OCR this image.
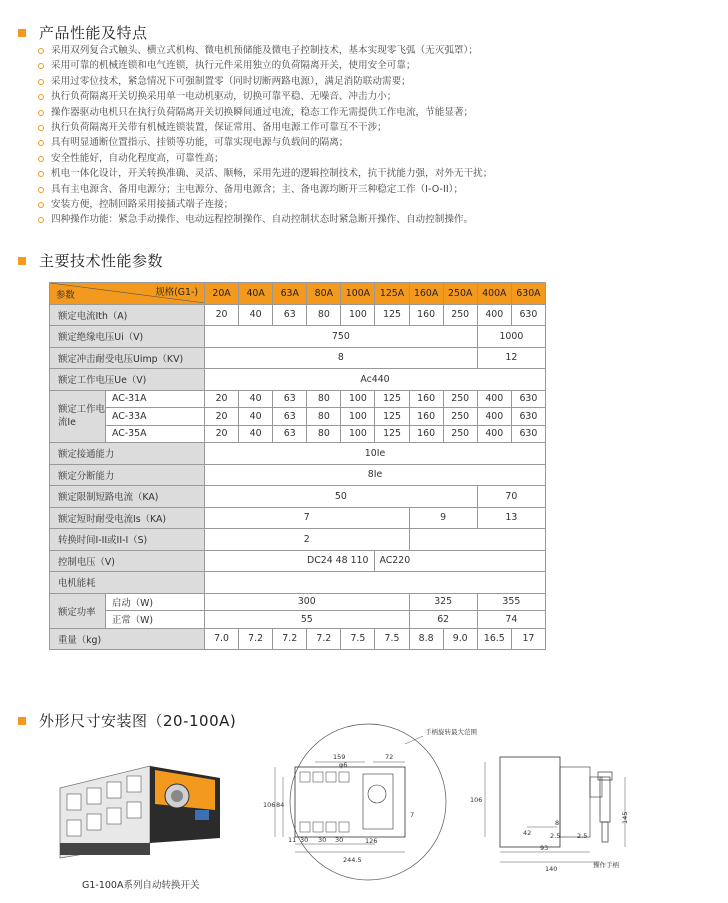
产品性能及特点
采用双列复合式触头、横立式机构、微电机预储能及微电子控制技术，基本实现零飞弧（无灭弧罩）；
采用可靠的机械连锁和电气连锁，执行元件采用独立的负荷隔离开关，使用安全可靠；
采用过零位技术，紧急情况下可强制置零（同时切断两路电源），满足消防联动需要；
执行负荷隔离开关切换采用单一电动机驱动，切换可靠平稳、无噪音、冲击力小；
操作器驱动电机只在执行负荷隔离开关切换瞬间通过电流，稳态工作无需提供工作电流，节能显著；
执行负荷隔离开关带有机械连锁装置，保证常用、备用电源工作可靠互不干涉；
具有明显通断位置指示、挂锁等功能，可靠实现电源与负载间的隔离；
安全性能好，自动化程度高，可靠性高；
机电一体化设计，开关转换准确、灵活、顺畅，采用先进的逻辑控制技术，抗干扰能力强，对外无干扰；
具有主电源含、备用电源分；主电源分、备用电源含；主、备电源均断开三种稳定工作（I-O-II）；
安装方便，控制回路采用接插式端子连接；
四种操作功能：紧急手动操作、电动远程控制操作、自动控制状态时紧急断开操作、自动控制操作。
主要技术性能参数
参数 规格(G1-)		20A	40A	63A	80A	100A	125A	160A	250A	400A	630A
额定电流Ith（A)		20	40	63	80	100	125	160	250	400	630
额定绝缘电压Ui（V)		750								1000	
额定冲击耐受电压Uimp（KV)		8								12	
额定工作电压Ue（V)		Ac440									
额定工作电流Ie	AC-31A	20	40	63	80	100	125	160	250	400	630
	AC-33A	20	40	63	80	100	125	160	250	400	630
	AC-35A	20	40	63	80	100	125	160	250	400	630
额定接通能力		10Ie									
额定分断能力		8Ie									
额定限制短路电流（KA)		50								70	
额定短时耐受电流Is（KA)		7						9		13	
转换时间I-II或II-I（S)		2									
控制电压（V)		DC24 48 110					AC220				
电机能耗											
额定功率	启动（W)	300						325		355	
	正常（W)	55						62		74	
重量（kg)		7.0	7.2	7.2	7.2	7.5	7.5	8.8	9.0	16.5	17
外形尺寸安装图（20-100A)
G1-100A系列自动转换开关
手柄旋转最大范围
159	72
φ6
106 84
126
30 30 30
11
7
244.5
106
8
2.5	2.5
42
93
140
145
操作手柄
